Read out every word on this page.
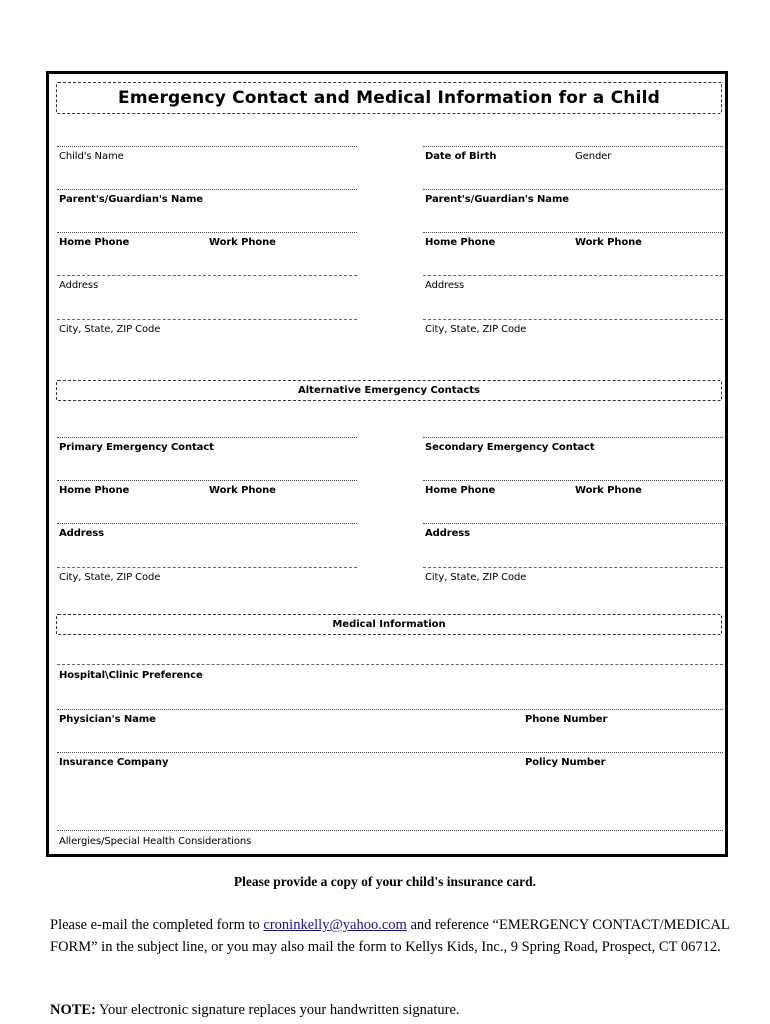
Emergency Contact and Medical Information for a Child
Child's Name	Date of Birth	Gender
Parent's/Guardian's Name	Parent's/Guardian's Name
Home Phone	Work Phone	Home Phone	Work Phone
Address	Address
City, State, ZIP Code	City, State, ZIP Code
Alternative Emergency Contacts
Primary Emergency Contact	Secondary Emergency Contact
Home Phone	Work Phone	Home Phone	Work Phone
Address	Address
City, State, ZIP Code	City, State, ZIP Code
Medical Information
Hospital\Clinic Preference
Physician's Name	Phone Number
Insurance Company	Policy Number
Allergies/Special Health Considerations
Please provide a copy of your child's insurance card.
Please e-mail the completed form to croninkelly@yahoo.com and reference “EMERGENCY CONTACT/MEDICAL FORM” in the subject line, or you may also mail the form to Kellys Kids, Inc., 9 Spring Road, Prospect, CT 06712.
NOTE: Your electronic signature replaces your handwritten signature.
